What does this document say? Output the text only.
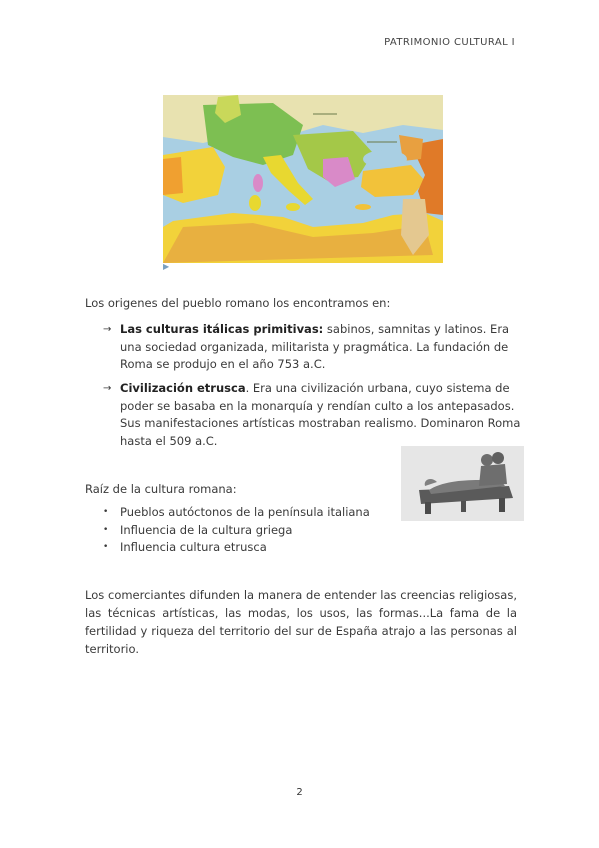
PATRIMONIO CULTURAL I
▶

Los origenes del pueblo romano los encontramos en:

→ Las culturas itálicas primitivas: sabinos, samnitas y latinos. Era una sociedad organizada, militarista y pragmática. La fundación de Roma se produjo en el año 753 a.C.
→ Civilización etrusca. Era una civilización urbana, cuyo sistema de poder se basaba en la monarquía y rendían culto a los antepasados. Sus manifestaciones artísticas mostraban realismo. Dominaron Roma hasta el 509 a.C.

Raíz de la cultura romana:

• Pueblos autóctonos de la península italiana
• Influencia de la cultura griega
• Influencia cultura etrusca

Los comerciantes difunden la manera de entender las creencias religiosas, las técnicas artísticas, las modas, los usos, las formas...La fama de la fertilidad y riqueza del territorio del sur de España atrajo a las personas al territorio.

2
